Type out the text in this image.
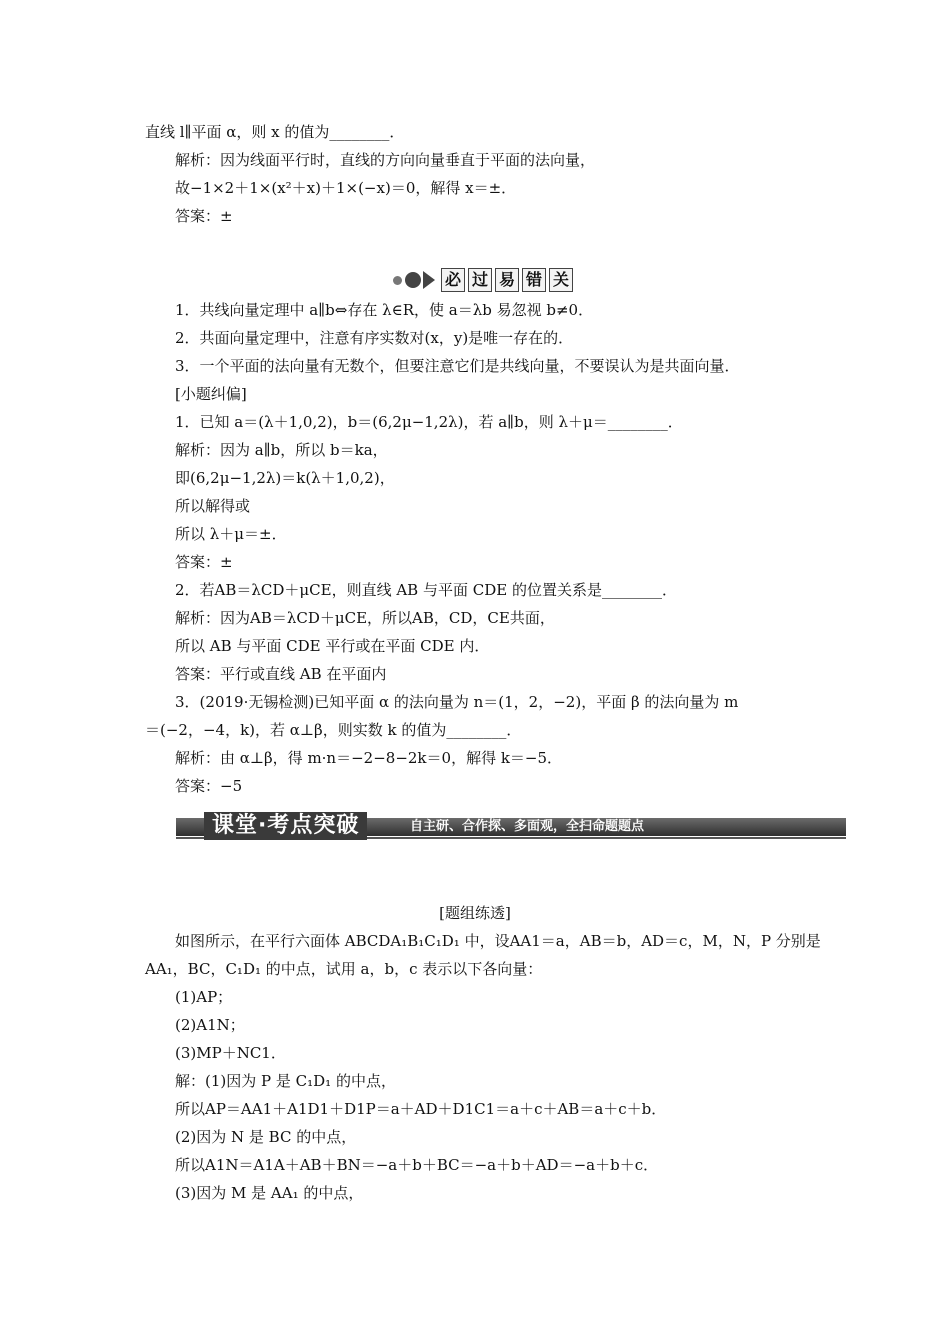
直线 l∥平面 α，则 x 的值为________．
解析：因为线面平行时，直线的方向向量垂直于平面的法向量，
故−1×2＋1×(x²＋x)＋1×(−x)＝0，解得 x＝±．
答案：±
必 过 易 错 关
1．共线向量定理中 a∥b⇔存在 λ∈R，使 a＝λb 易忽视 b≠0．
2．共面向量定理中，注意有序实数对(x，y)是唯一存在的．
3．一个平面的法向量有无数个，但要注意它们是共线向量，不要误认为是共面向量．
[小题纠偏]
1．已知 a＝(λ＋1,0,2)，b＝(6,2μ−1,2λ)，若 a∥b，则 λ＋μ＝________．
解析：因为 a∥b，所以 b＝ka，
即(6,2μ−1,2λ)＝k(λ＋1,0,2)，
所以解得或
所以 λ＋μ＝±．
答案：±
2．若AB＝λCD＋μCE，则直线 AB 与平面 CDE 的位置关系是________．
解析：因为AB＝λCD＋μCE，所以AB，CD，CE共面，
所以 AB 与平面 CDE 平行或在平面 CDE 内．
答案：平行或直线 AB 在平面内
3．(2019·无锡检测)已知平面 α 的法向量为 n＝(1，2，−2)，平面 β 的法向量为 m
＝(−2，−4，k)，若 α⊥β，则实数 k 的值为________．
解析：由 α⊥β，得 m·n＝−2−8−2k＝0，解得 k＝−5．
答案：−5
课堂·考点突破	自主研、合作探、多面观，全扫命题题点
[题组练透]
如图所示，在平行六面体 ABCDA₁B₁C₁D₁ 中，设AA1＝a，AB＝b，AD＝c，M，N，P 分别是
AA₁，BC，C₁D₁ 的中点，试用 a，b，c 表示以下各向量：
(1)AP；
(2)A1N；
(3)MP＋NC1．
解：(1)因为 P 是 C₁D₁ 的中点，
所以AP＝AA1＋A1D1＋D1P＝a＋AD＋D1C1＝a＋c＋AB＝a＋c＋b．
(2)因为 N 是 BC 的中点，
所以A1N＝A1A＋AB＋BN＝−a＋b＋BC＝−a＋b＋AD＝−a＋b＋c．
(3)因为 M 是 AA₁ 的中点，
